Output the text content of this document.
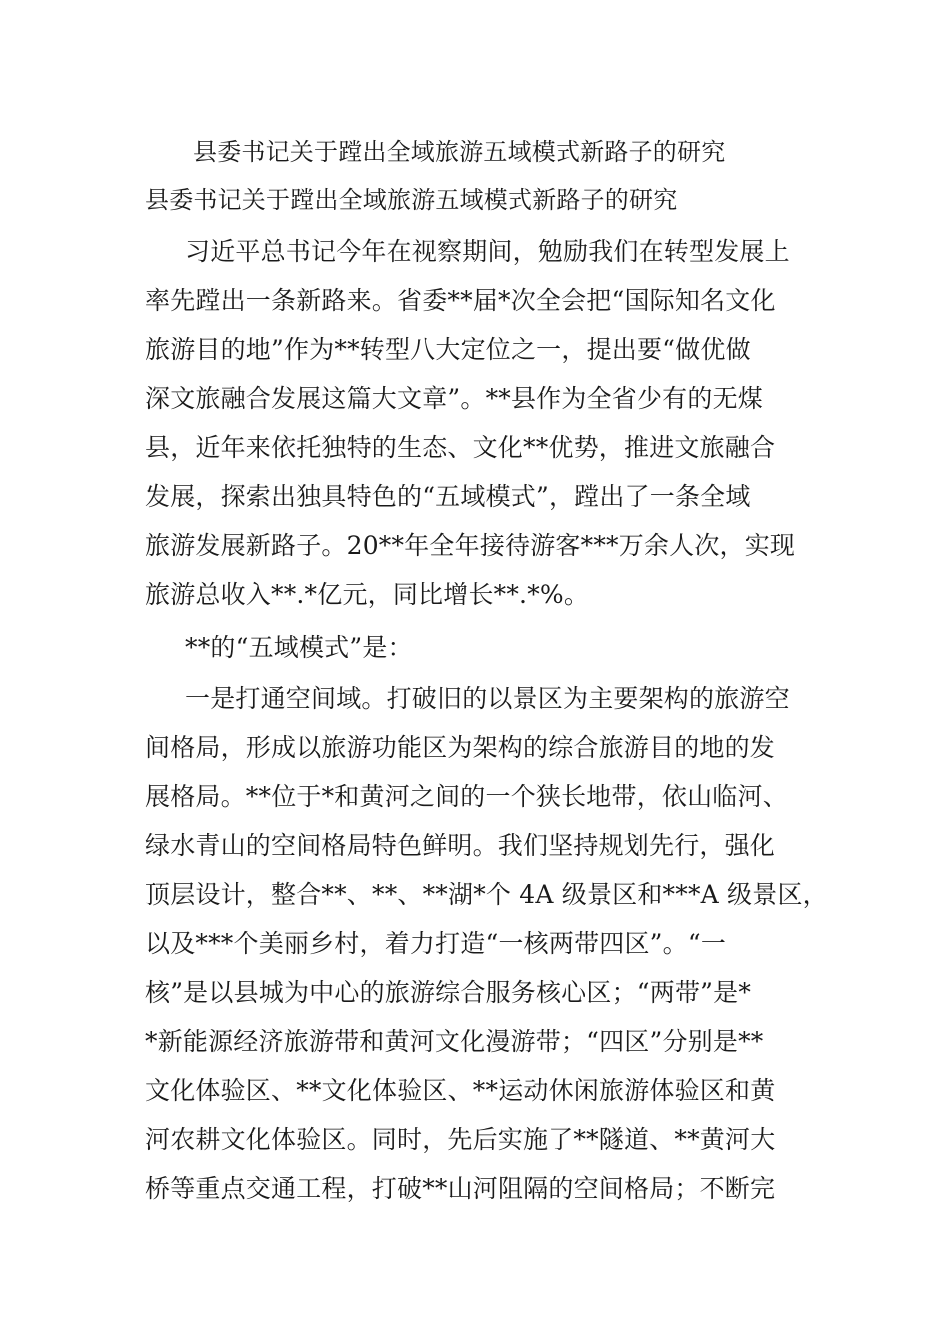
县委书记关于蹚出全域旅游五域模式新路子的研究
县委书记关于蹚出全域旅游五域模式新路子的研究
习近平总书记今年在视察期间，勉励我们在转型发展上
率先蹚出一条新路来。省委**届*次全会把“国际知名文化
旅游目的地”作为**转型八大定位之一，提出要“做优做
深文旅融合发展这篇大文章”。**县作为全省少有的无煤
县，近年来依托独特的生态、文化**优势，推进文旅融合
发展，探索出独具特色的“五域模式”，蹚出了一条全域
旅游发展新路子。20**年全年接待游客***万余人次，实现
旅游总收入**.*亿元，同比增长**.*%。
**的“五域模式”是：
一是打通空间域。打破旧的以景区为主要架构的旅游空
间格局，形成以旅游功能区为架构的综合旅游目的地的发
展格局。**位于*和黄河之间的一个狭长地带，依山临河、
绿水青山的空间格局特色鲜明。我们坚持规划先行，强化
顶层设计，整合**、**、**湖*个 4A 级景区和***A 级景区，
以及***个美丽乡村，着力打造“一核两带四区”。“一
核”是以县城为中心的旅游综合服务核心区；“两带”是*
*新能源经济旅游带和黄河文化漫游带；“四区”分别是**
文化体验区、**文化体验区、**运动休闲旅游体验区和黄
河农耕文化体验区。同时，先后实施了**隧道、**黄河大
桥等重点交通工程，打破**山河阻隔的空间格局；不断完
